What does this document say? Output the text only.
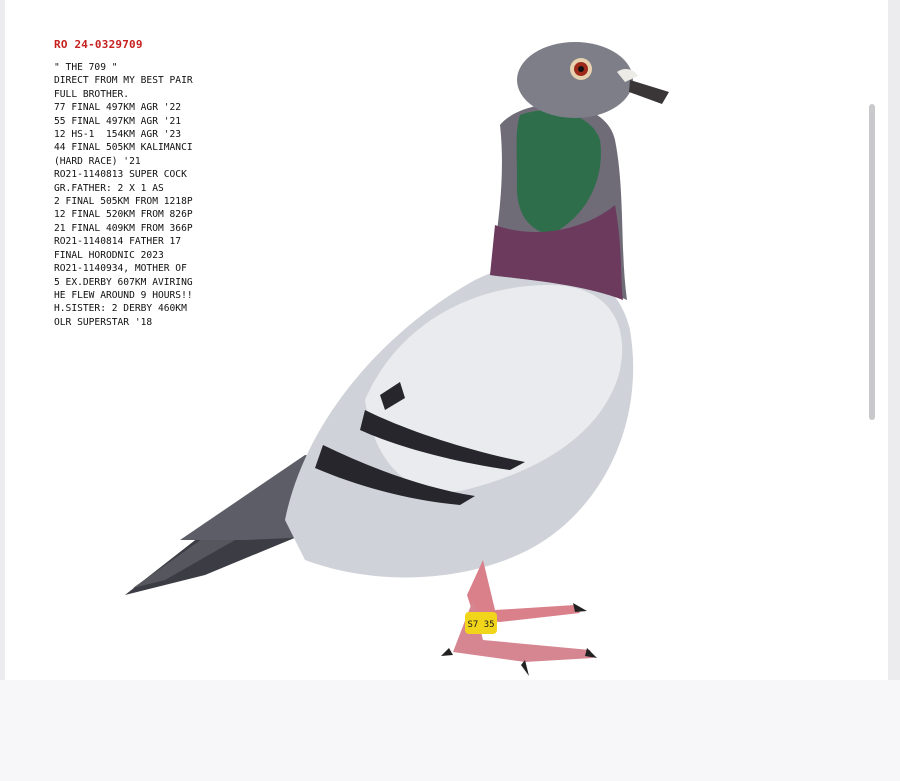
S7 35
RO 24-0329709
" THE 709 "
DIRECT FROM MY BEST PAIR
FULL BROTHER.
77 FINAL 497KM AGR '22
55 FINAL 497KM AGR '21
12 HS-1  154KM AGR '23
44 FINAL 505KM KALIMANCI
(HARD RACE) '21
RO21-1140813 SUPER COCK
GR.FATHER: 2 X 1 AS
2 FINAL 505KM FROM 1218P
12 FINAL 520KM FROM 826P
21 FINAL 409KM FROM 366P
RO21-1140814 FATHER 17
FINAL HORODNIC 2023
RO21-1140934, MOTHER OF
5 EX.DERBY 607KM AVIRING
HE FLEW AROUND 9 HOURS!!
H.SISTER: 2 DERBY 460KM
OLR SUPERSTAR '18
